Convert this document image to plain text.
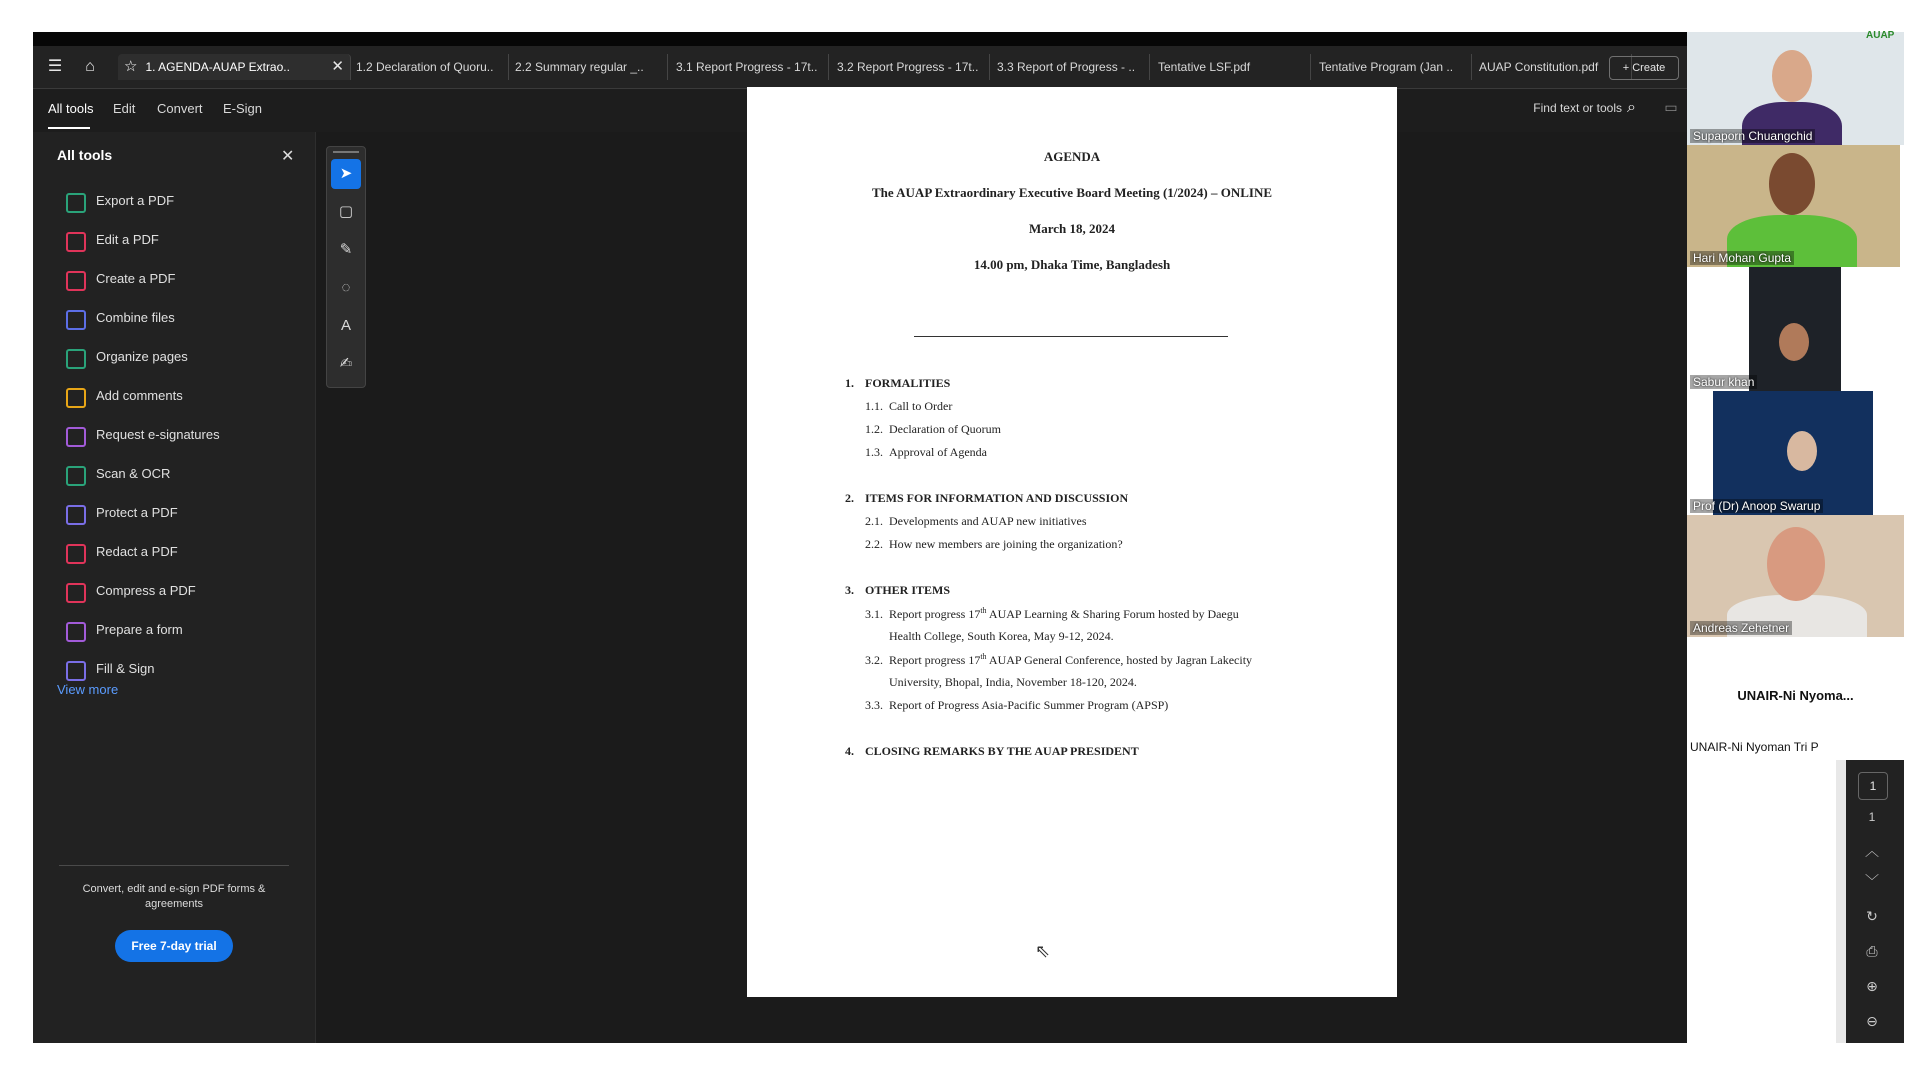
☰	⌂	☆ 1. AGENDA-AUAP Extrao..	✕	1.2 Declaration of Quoru..	2.2 Summary regular _..	3.1 Report Progress - 17t..	3.2 Report Progress - 17t..	3.3 Report of Progress - ..	Tentative LSF.pdf	Tentative Program (Jan ..	AUAP Constitution.pdf	+ Create
All tools Edit Convert E-Sign	Find text or tools ⌕	▭
All tools	✕
Export a PDF
Edit a PDF
Create a PDF
Combine files
Organize pages
Add comments
Request e-signatures
Scan & OCR
Protect a PDF
Redact a PDF
Compress a PDF
Prepare a form
Fill & Sign
View more
Convert, edit and e-sign PDF forms & agreements
Free 7-day trial
➤
▢
✎
◌
A
✍
AGENDA
The AUAP Extraordinary Executive Board Meeting (1/2024) – ONLINE
March 18, 2024
14.00 pm, Dhaka Time, Bangladesh
1. FORMALITIES
1.1. Call to Order
1.2. Declaration of Quorum
1.3. Approval of Agenda
2. ITEMS FOR INFORMATION AND DISCUSSION
2.1. Developments and AUAP new initiatives
2.2. How new members are joining the organization?
3. OTHER ITEMS
3.1. Report progress 17th AUAP Learning & Sharing Forum hosted by Daegu
Health College, South Korea, May 9-12, 2024.
3.2. Report progress 17th AUAP General Conference, hosted by Jagran Lakecity
University, Bhopal, India, November 18-120, 2024.
3.3. Report of Progress Asia-Pacific Summer Program (APSP)
4. CLOSING REMARKS BY THE AUAP PRESIDENT
⇖
Supaporn Chuangchid
Hari Mohan Gupta
Sabur khan
Prof (Dr) Anoop Swarup
Andreas Zehetner
AUAP
UNAIR-Ni Nyoma...
UNAIR-Ni Nyoman Tri P
1
1
︿
﹀
↻
⎙
⊕
⊖
